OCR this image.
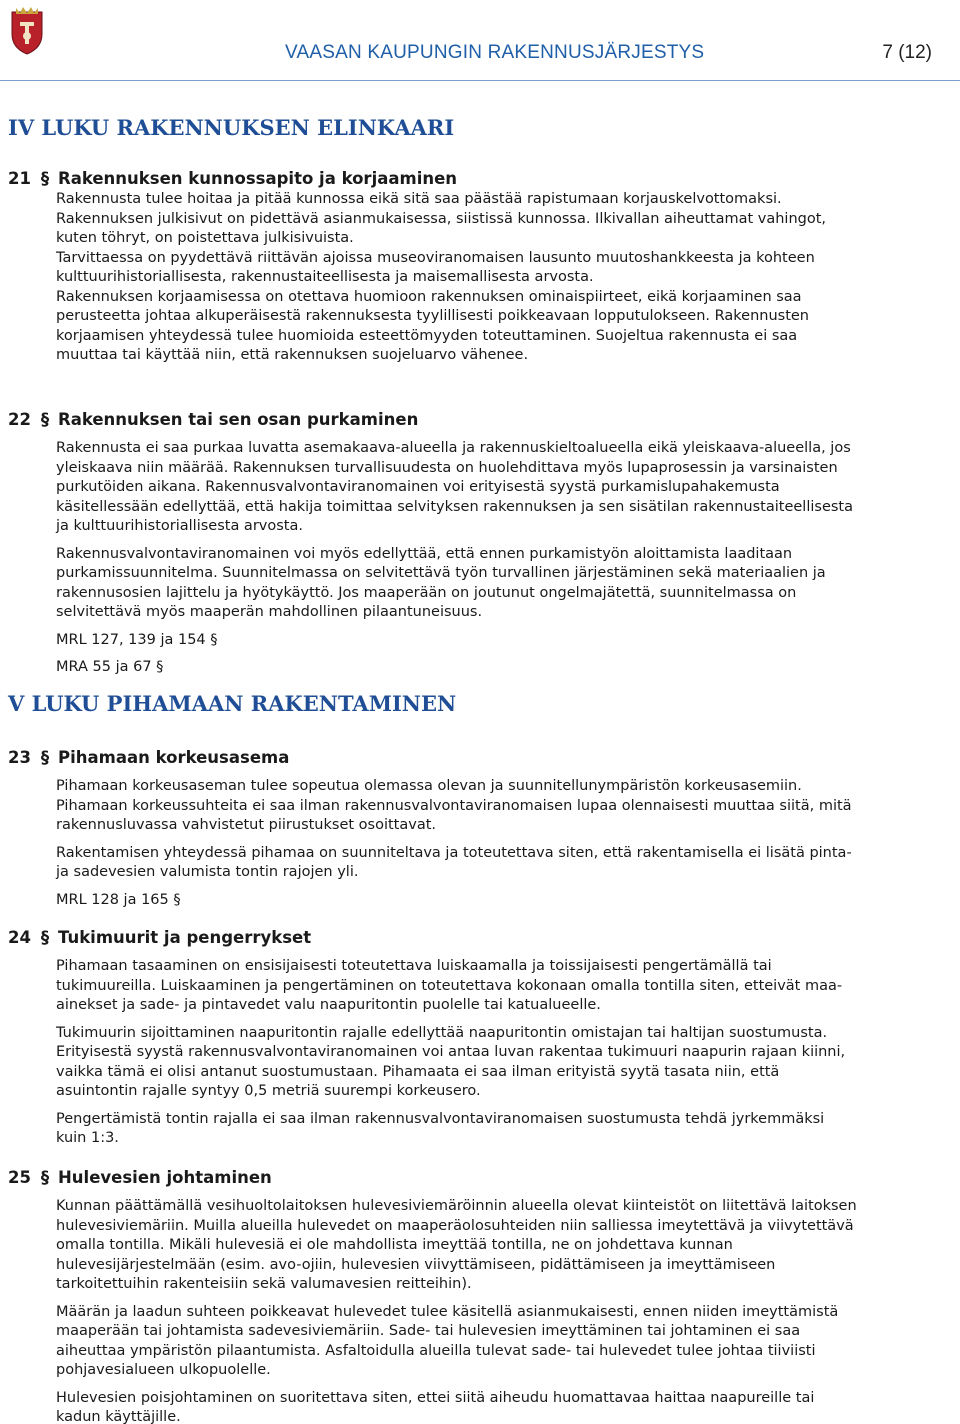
VAASAN KAUPUNGIN RAKENNUSJÄRJESTYS	7 (12)
IV LUKU RAKENNUKSEN ELINKAARI
21 § Rakennuksen kunnossapito ja korjaaminen

Rakennusta tulee hoitaa ja pitää kunnossa eikä sitä saa päästää rapistumaan korjauskelvottomaksi.

Rakennuksen julkisivut on pidettävä asianmukaisessa, siistissä kunnossa. Ilkivallan aiheuttamat vahingot,

kuten töhryt, on poistettava julkisivuista.

Tarvittaessa on pyydettävä riittävän ajoissa museoviranomaisen lausunto muutoshankkeesta ja kohteen

kulttuurihistoriallisesta, rakennustaiteellisesta ja maisemallisesta arvosta.

Rakennuksen korjaamisessa on otettava huomioon rakennuksen ominaispiirteet, eikä korjaaminen saa

perusteetta johtaa alkuperäisestä rakennuksesta tyylillisesti poikkeavaan lopputulokseen. Rakennusten

korjaamisen yhteydessä tulee huomioida esteettömyyden toteuttaminen. Suojeltua rakennusta ei saa

muuttaa tai käyttää niin, että rakennuksen suojeluarvo vähenee.

22 § Rakennuksen tai sen osan purkaminen

Rakennusta ei saa purkaa luvatta asemakaava-alueella ja rakennuskieltoalueella eikä yleiskaava-alueella, jos

yleiskaava niin määrää. Rakennuksen turvallisuudesta on huolehdittava myös lupaprosessin ja varsinaisten

purkutöiden aikana. Rakennusvalvontaviranomainen voi erityisestä syystä purkamislupahakemusta

käsitellessään edellyttää, että hakija toimittaa selvityksen rakennuksen ja sen sisätilan rakennustaiteellisesta

ja kulttuurihistoriallisesta arvosta.

Rakennusvalvontaviranomainen voi myös edellyttää, että ennen purkamistyön aloittamista laaditaan

purkamissuunnitelma. Suunnitelmassa on selvitettävä työn turvallinen järjestäminen sekä materiaalien ja

rakennusosien lajittelu ja hyötykäyttö. Jos maaperään on joutunut ongelmajätettä, suunnitelmassa on

selvitettävä myös maaperän mahdollinen pilaantuneisuus.

MRL 127, 139 ja 154 §
MRA 55 ja 67 §
V LUKU PIHAMAAN RAKENTAMINEN
23 § Pihamaan korkeusasema

Pihamaan korkeusaseman tulee sopeutua olemassa olevan ja suunnitellunympäristön korkeusasemiin.

Pihamaan korkeussuhteita ei saa ilman rakennusvalvontaviranomaisen lupaa olennaisesti muuttaa siitä, mitä

rakennusluvassa vahvistetut piirustukset osoittavat.

Rakentamisen yhteydessä pihamaa on suunniteltava ja toteutettava siten, että rakentamisella ei lisätä pinta-

ja sadevesien valumista tontin rajojen yli.

MRL 128 ja 165 §
24 § Tukimuurit ja pengerrykset

Pihamaan tasaaminen on ensisijaisesti toteutettava luiskaamalla ja toissijaisesti pengertämällä tai

tukimuureilla. Luiskaaminen ja pengertäminen on toteutettava kokonaan omalla tontilla siten, etteivät maa-

ainekset ja sade- ja pintavedet valu naapuritontin puolelle tai katualueelle.

Tukimuurin sijoittaminen naapuritontin rajalle edellyttää naapuritontin omistajan tai haltijan suostumusta.

Erityisestä syystä rakennusvalvontaviranomainen voi antaa luvan rakentaa tukimuuri naapurin rajaan kiinni,

vaikka tämä ei olisi antanut suostumustaan. Pihamaata ei saa ilman erityistä syytä tasata niin, että

asuintontin rajalle syntyy 0,5 metriä suurempi korkeusero.

Pengertämistä tontin rajalla ei saa ilman rakennusvalvontaviranomaisen suostumusta tehdä jyrkemmäksi

kuin 1:3.

25 § Hulevesien johtaminen

Kunnan päättämällä vesihuoltolaitoksen hulevesiviemäröinnin alueella olevat kiinteistöt on liitettävä laitoksen

hulevesiviemäriin. Muilla alueilla hulevedet on maaperäolosuhteiden niin salliessa imeytettävä ja viivytettävä

omalla tontilla. Mikäli hulevesiä ei ole mahdollista imeyttää tontilla, ne on johdettava kunnan

hulevesijärjestelmään (esim. avo-ojiin, hulevesien viivyttämiseen, pidättämiseen ja imeyttämiseen

tarkoitettuihin rakenteisiin sekä valumavesien reitteihin).

Määrän ja laadun suhteen poikkeavat hulevedet tulee käsitellä asianmukaisesti, ennen niiden imeyttämistä

maaperään tai johtamista sadevesiviemäriin. Sade- tai hulevesien imeyttäminen tai johtaminen ei saa

aiheuttaa ympäristön pilaantumista. Asfaltoidulla alueilla tulevat sade- tai hulevedet tulee johtaa tiiviisti

pohjavesialueen ulkopuolelle.

Hulevesien poisjohtaminen on suoritettava siten, ettei siitä aiheudu huomattavaa haittaa naapureille tai

kadun käyttäjille.
